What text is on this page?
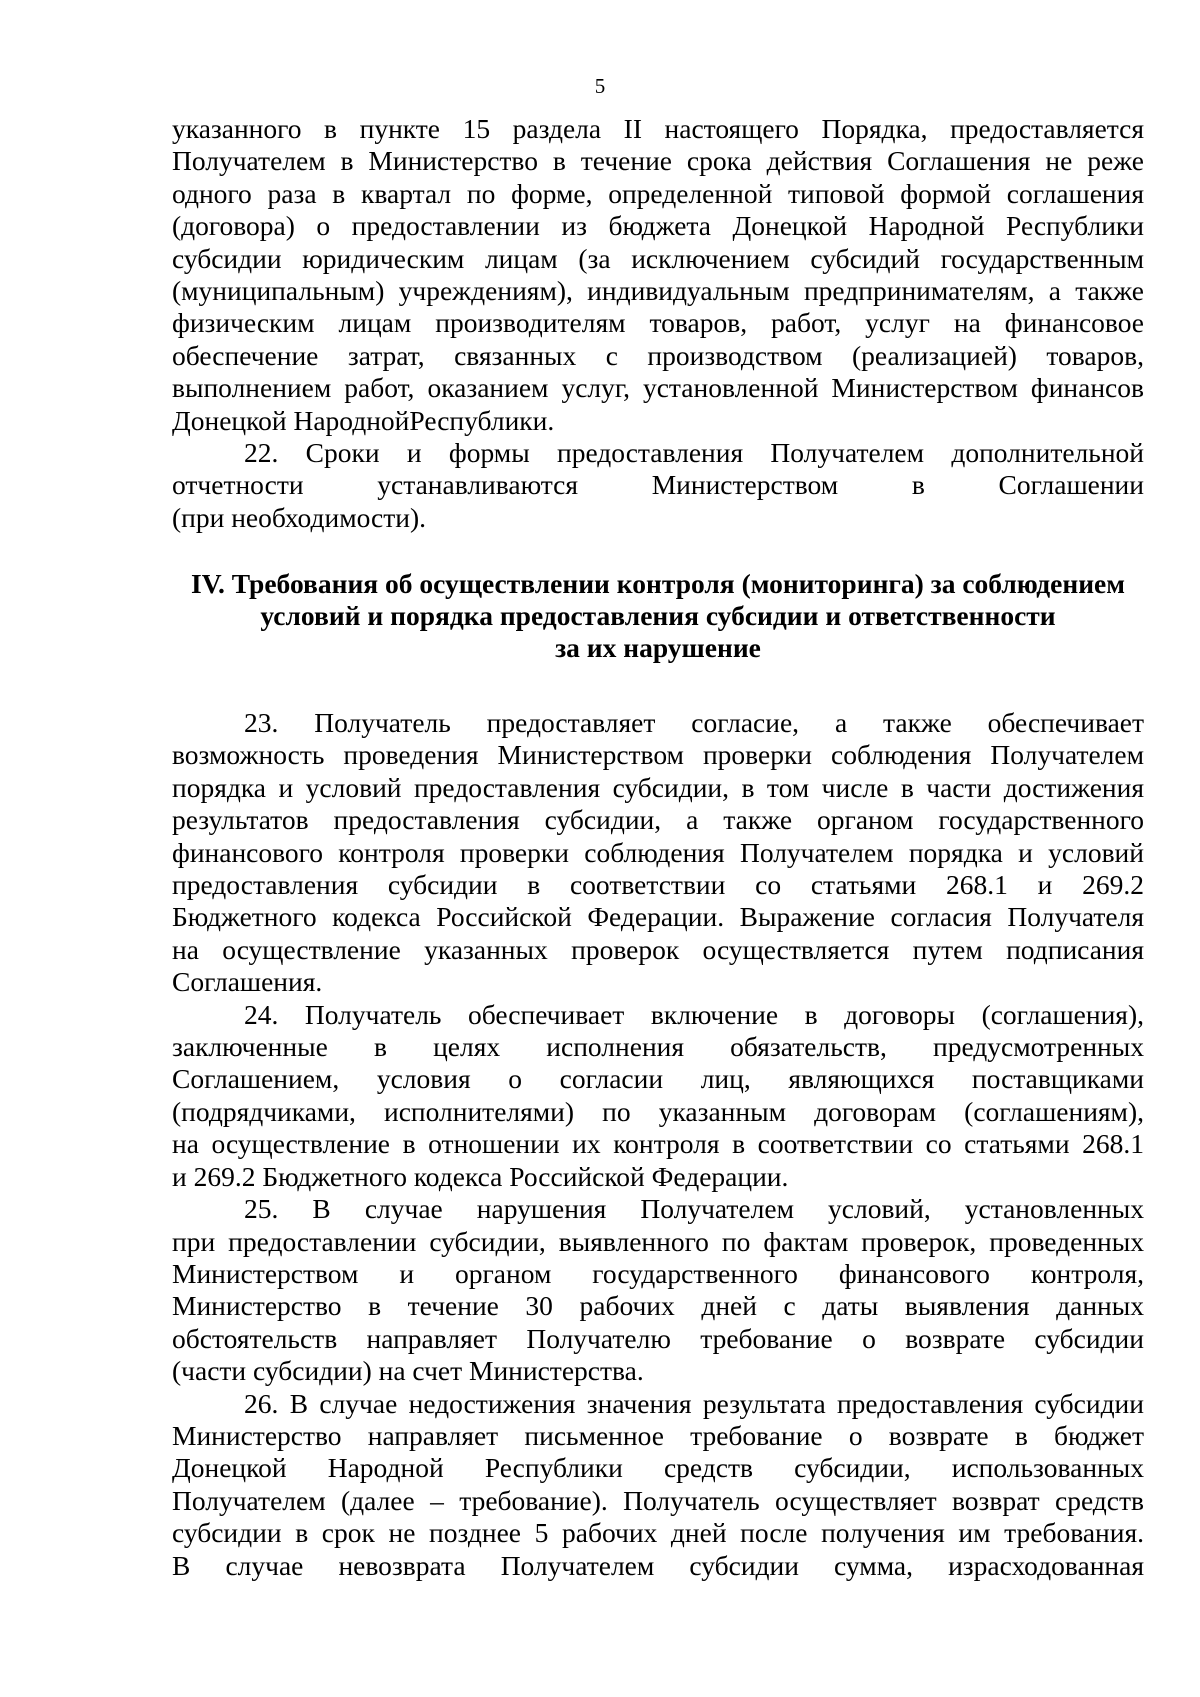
5

указанного в пункте 15 раздела II настоящего Порядка, предоставляется

Получателем в Министерство в течение срока действия Соглашения не реже

одного раза в квартал по форме, определенной типовой формой соглашения

(договора) о предоставлении из бюджета Донецкой Народной Республики

субсидии юридическим лицам (за исключением субсидий государственным

(муниципальным) учреждениям), индивидуальным предпринимателям, а также

физическим лицам производителям товаров, работ, услуг на финансовое

обеспечение затрат, связанных с производством (реализацией) товаров,

выполнением работ, оказанием услуг, установленной Министерством финансов

Донецкой НароднойРеспублики.

22. Сроки и формы предоставления Получателем дополнительной

отчетности устанавливаются Министерством в Соглашении

(при необходимости).

IV. Требования об осуществлении контроля (мониторинга) за соблюдением
условий и порядка предоставления субсидии и ответственности
за их нарушение

23. Получатель предоставляет согласие, а также обеспечивает

возможность проведения Министерством проверки соблюдения Получателем

порядка и условий предоставления субсидии, в том числе в части достижения

результатов предоставления субсидии, а также органом государственного

финансового контроля проверки соблюдения Получателем порядка и условий

предоставления субсидии в соответствии со статьями 268.1 и 269.2

Бюджетного кодекса Российской Федерации. Выражение согласия Получателя

на осуществление указанных проверок осуществляется путем подписания

Соглашения.

24. Получатель обеспечивает включение в договоры (соглашения),

заключенные в целях исполнения обязательств, предусмотренных

Соглашением, условия о согласии лиц, являющихся поставщиками

(подрядчиками, исполнителями) по указанным договорам (соглашениям),

на осуществление в отношении их контроля в соответствии со статьями 268.1

и 269.2 Бюджетного кодекса Российской Федерации.

25. В случае нарушения Получателем условий, установленных

при предоставлении субсидии, выявленного по фактам проверок, проведенных

Министерством и органом государственного финансового контроля,

Министерство в течение 30 рабочих дней с даты выявления данных

обстоятельств направляет Получателю требование о возврате субсидии

(части субсидии) на счет Министерства.

26. В случае недостижения значения результата предоставления субсидии

Министерство направляет письменное требование о возврате в бюджет

Донецкой Народной Республики средств субсидии, использованных

Получателем (далее – требование). Получатель осуществляет возврат средств

субсидии в срок не позднее 5 рабочих дней после получения им требования.

В случае невозврата Получателем субсидии сумма, израсходованная
